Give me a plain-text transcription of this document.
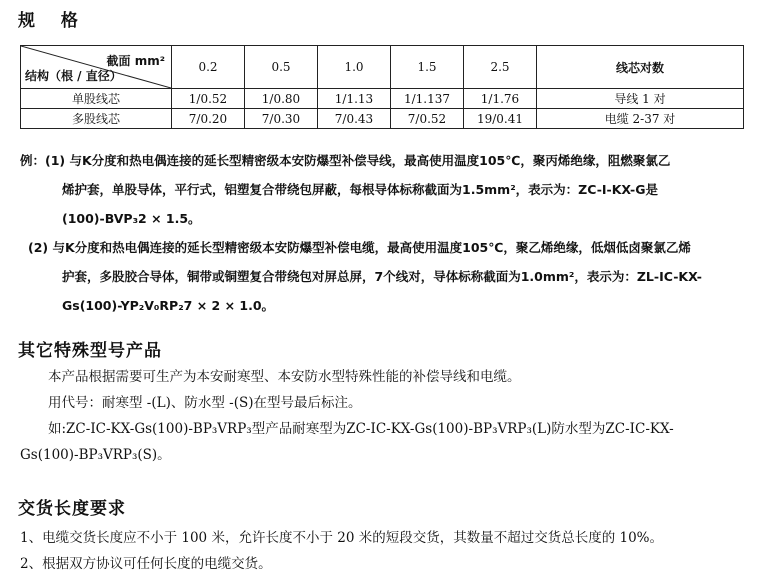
规 格
截面 mm²
结构（根 / 直径）	0.2	0.5	1.0	1.5	2.5	线芯对数
单股线芯	1/0.52	1/0.80	1/1.13	1/1.137	1/1.76	导线 1 对
多股线芯	7/0.20	7/0.30	7/0.43	7/0.52	19/0.41	电缆 2-37 对
例：(1) 与K分度和热电偶连接的延长型精密级本安防爆型补偿导线，最高使用温度105℃，聚丙烯绝缘，阻燃聚氯乙
烯护套，单股导体，平行式，铝塑复合带绕包屏蔽，每根导体标称截面为1.5mm²，表示为：ZC-I-KX-G是
(100)-BVP₃2 × 1.5。
(2) 与K分度和热电偶连接的延长型精密级本安防爆型补偿电缆，最高使用温度105℃，聚乙烯绝缘，低烟低卤聚氯乙烯
护套，多股胶合导体，铜带或铜塑复合带绕包对屏总屏，7个线对，导体标称截面为1.0mm²，表示为：ZL-IC-KX-
Gs(100)-YP₂V₀RP₂7 × 2 × 1.0。
其它特殊型号产品
本产品根据需要可生产为本安耐寒型、本安防水型特殊性能的补偿导线和电缆。
用代号：耐寒型 -(L)、防水型 -(S)在型号最后标注。
如:ZC-IC-KX-Gs(100)-BP₃VRP₃型产品耐寒型为ZC-IC-KX-Gs(100)-BP₃VRP₃(L)防水型为ZC-IC-KX-
Gs(100)-BP₃VRP₃(S)。
交货长度要求
1、电缆交货长度应不小于 100 米，允许长度不小于 20 米的短段交货，其数量不超过交货总长度的 10%。
2、根据双方协议可任何长度的电缆交货。
